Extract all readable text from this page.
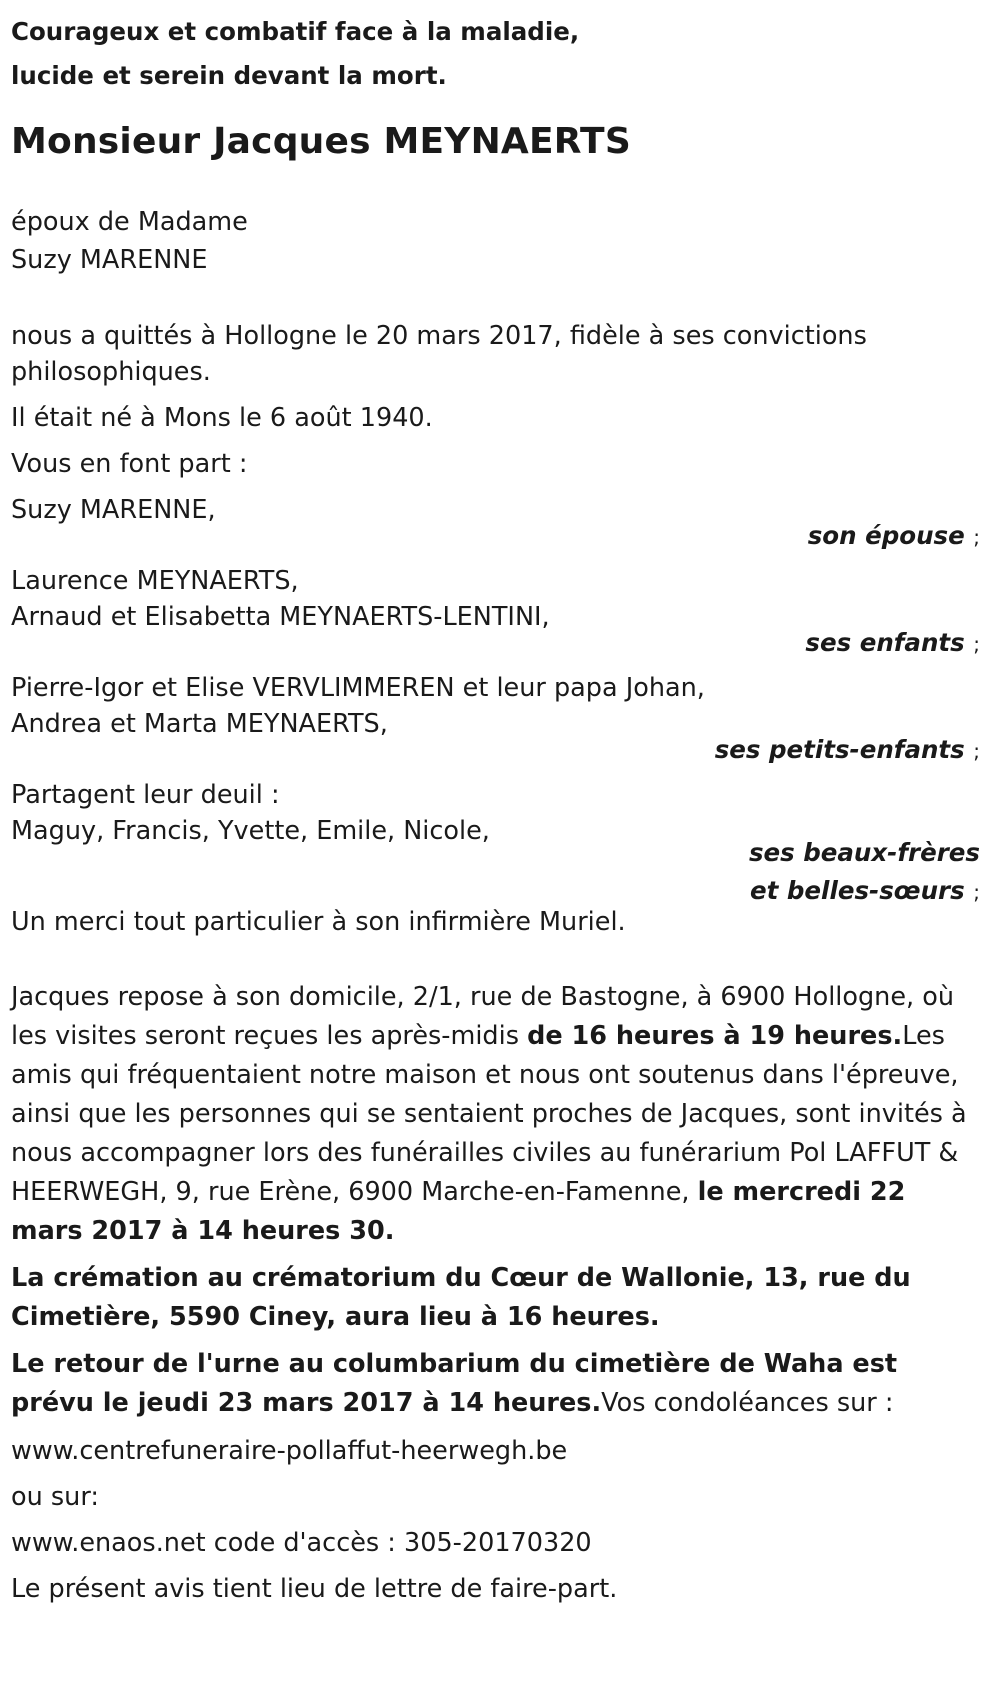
Courageux et combatif face à la maladie,

lucide et serein devant la mort.

Monsieur Jacques MEYNAERTS

époux de Madame

Suzy MARENNE

nous a quittés à Hollogne le 20 mars 2017, fidèle à ses convictions

philosophiques.

Il était né à Mons le 6 août 1940.

Vous en font part :

Suzy MARENNE,

son épouse ;

Laurence MEYNAERTS,

Arnaud et Elisabetta MEYNAERTS-LENTINI,

ses enfants ;

Pierre-Igor et Elise VERVLIMMEREN et leur papa Johan,

Andrea et Marta MEYNAERTS,

ses petits-enfants ;

Partagent leur deuil :

Maguy, Francis, Yvette, Emile, Nicole,

ses beaux-frères

et belles-sœurs ;

Un merci tout particulier à son infirmière Muriel.

Jacques repose à son domicile, 2/1, rue de Bastogne, à 6900 Hollogne, où les visites seront reçues les après-midis de 16 heures à 19 heures.Les amis qui fréquentaient notre maison et nous ont soutenus dans l'épreuve, ainsi que les personnes qui se sentaient proches de Jacques, sont invités à nous accompagner lors des funérailles civiles au funérarium Pol LAFFUT & HEERWEGH, 9, rue Erène, 6900 Marche-en-Famenne, le mercredi 22 mars 2017 à 14 heures 30.

La crémation au crématorium du Cœur de Wallonie, 13, rue du Cimetière, 5590 Ciney, aura lieu à 16 heures.

Le retour de l'urne au columbarium du cimetière de Waha est prévu le jeudi 23 mars 2017 à 14 heures.Vos condoléances sur :

www.centrefuneraire-pollaffut-heerwegh.be

ou sur:

www.enaos.net code d'accès : 305-20170320

Le présent avis tient lieu de lettre de faire-part.
